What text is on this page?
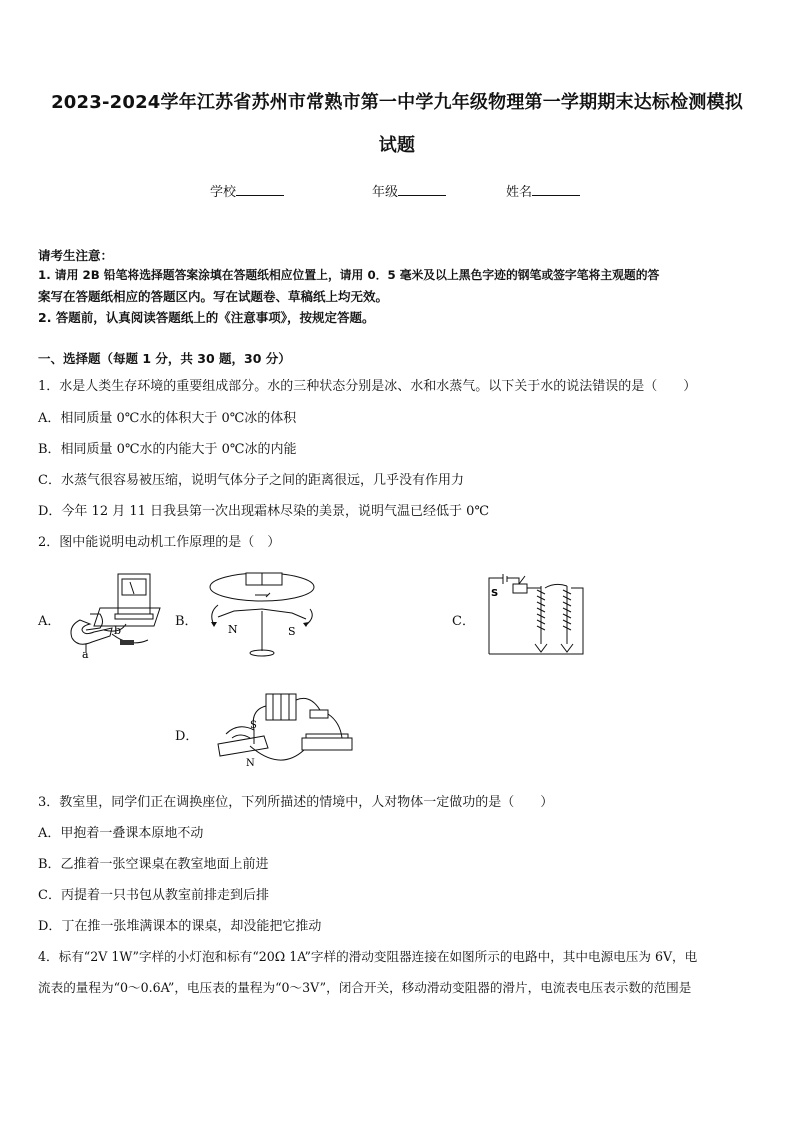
2023-2024学年江苏省苏州市常熟市第一中学九年级物理第一学期期末达标检测模拟
试题
学校	年级	姓名
请考生注意：
1. 请用 2B 铅笔将选择题答案涂填在答题纸相应位置上，请用 0．5 毫米及以上黑色字迹的钢笔或签字笔将主观题的答
案写在答题纸相应的答题区内。写在试题卷、草稿纸上均无效。
2. 答题前，认真阅读答题纸上的《注意事项》，按规定答题。
一、选择题（每题 1 分，共 30 题，30 分）
1．水是人类生存环境的重要组成部分。水的三种状态分别是冰、水和水蒸气。以下关于水的说法错误的是（　　）
A．相同质量 0℃水的体积大于 0℃冰的体积
B．相同质量 0℃水的内能大于 0℃冰的内能
C．水蒸气很容易被压缩，说明气体分子之间的距离很远，几乎没有作用力
D．今年 12 月 11 日我县第一次出现霜林尽染的美景，说明气温已经低于 0℃
2．图中能说明电动机工作原理的是（　）
A．
a
b
B．
N	S
C．
S
D．
S
N
3．教室里，同学们正在调换座位，下列所描述的情境中，人对物体一定做功的是（　　）
A．甲抱着一叠课本原地不动
B．乙推着一张空课桌在教室地面上前进
C．丙提着一只书包从教室前排走到后排
D．丁在推一张堆满课本的课桌，却没能把它推动
4．标有“2V 1W”字样的小灯泡和标有“20Ω 1A”字样的滑动变阻器连接在如图所示的电路中，其中电源电压为 6V，电
流表的量程为“0～0.6A”，电压表的量程为“0～3V”，闭合开关，移动滑动变阻器的滑片，电流表电压表示数的范围是
